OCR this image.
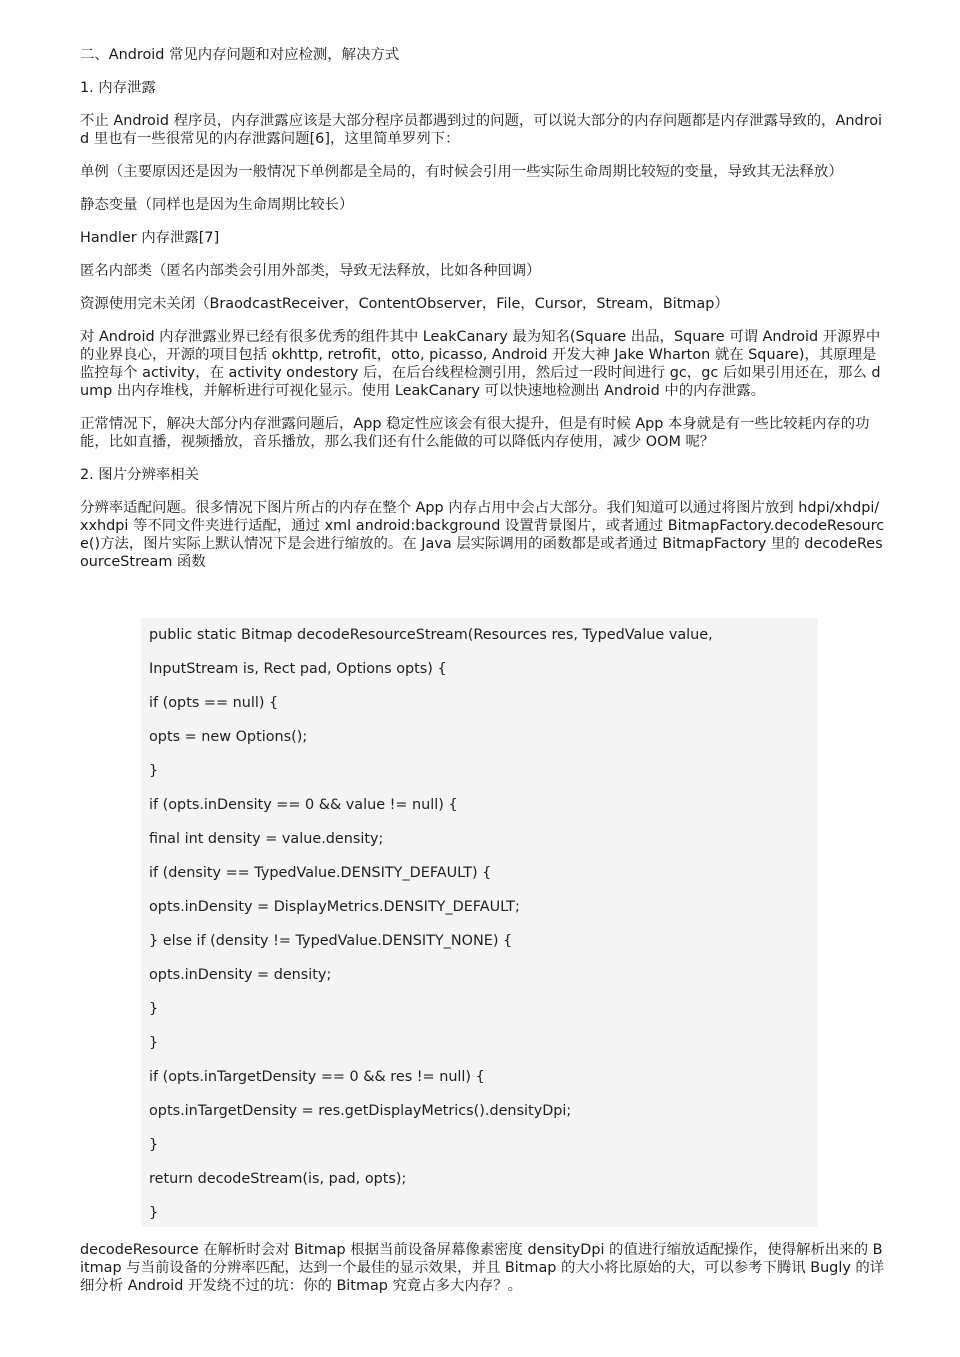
二、Android 常见内存问题和对应检测，解决方式

1. 内存泄露

不止 Android 程序员，内存泄露应该是大部分程序员都遇到过的问题，可以说大部分的内存问题都是内存泄露导致的，Android 里也有一些很常见的内存泄露问题[6]，这里简单罗列下：

单例（主要原因还是因为一般情况下单例都是全局的，有时候会引用一些实际生命周期比较短的变量，导致其无法释放）

静态变量（同样也是因为生命周期比较长）

Handler 内存泄露[7]

匿名内部类（匿名内部类会引用外部类，导致无法释放，比如各种回调）

资源使用完未关闭（BraodcastReceiver，ContentObserver，File，Cursor，Stream，Bitmap）

对 Android 内存泄露业界已经有很多优秀的组件其中 LeakCanary 最为知名(Square 出品，Square 可谓 Android 开源界中的业界良心，开源的项目包括 okhttp, retrofit，otto, picasso, Android 开发大神 Jake Wharton 就在 Square)，其原理是监控每个 activity，在 activity ondestory 后，在后台线程检测引用，然后过一段时间进行 gc，gc 后如果引用还在，那么 dump 出内存堆栈，并解析进行可视化显示。使用 LeakCanary 可以快速地检测出 Android 中的内存泄露。

正常情况下，解决大部分内存泄露问题后，App 稳定性应该会有很大提升，但是有时候 App 本身就是有一些比较耗内存的功能，比如直播，视频播放，音乐播放，那么我们还有什么能做的可以降低内存使用，减少 OOM 呢？

2. 图片分辨率相关

分辨率适配问题。很多情况下图片所占的内存在整个 App 内存占用中会占大部分。我们知道可以通过将图片放到 hdpi/xhdpi/xxhdpi 等不同文件夹进行适配，通过 xml android:background 设置背景图片，或者通过 BitmapFactory.decodeResource()方法，图片实际上默认情况下是会进行缩放的。在 Java 层实际调用的函数都是或者通过 BitmapFactory 里的 decodeResourceStream 函数

public static Bitmap decodeResourceStream(Resources res, TypedValue value,
InputStream is, Rect pad, Options opts) {
if (opts == null) {
opts = new Options();
}
if (opts.inDensity == 0 && value != null) {
final int density = value.density;
if (density == TypedValue.DENSITY_DEFAULT) {
opts.inDensity = DisplayMetrics.DENSITY_DEFAULT;
} else if (density != TypedValue.DENSITY_NONE) {
opts.inDensity = density;
}
}
if (opts.inTargetDensity == 0 && res != null) {
opts.inTargetDensity = res.getDisplayMetrics().densityDpi;
}
return decodeStream(is, pad, opts);
}

decodeResource 在解析时会对 Bitmap 根据当前设备屏幕像素密度 densityDpi 的值进行缩放适配操作，使得解析出来的 Bitmap 与当前设备的分辨率匹配，达到一个最佳的显示效果，并且 Bitmap 的大小将比原始的大，可以参考下腾讯 Bugly 的详细分析 Android 开发绕不过的坑：你的 Bitmap 究竟占多大内存？。
